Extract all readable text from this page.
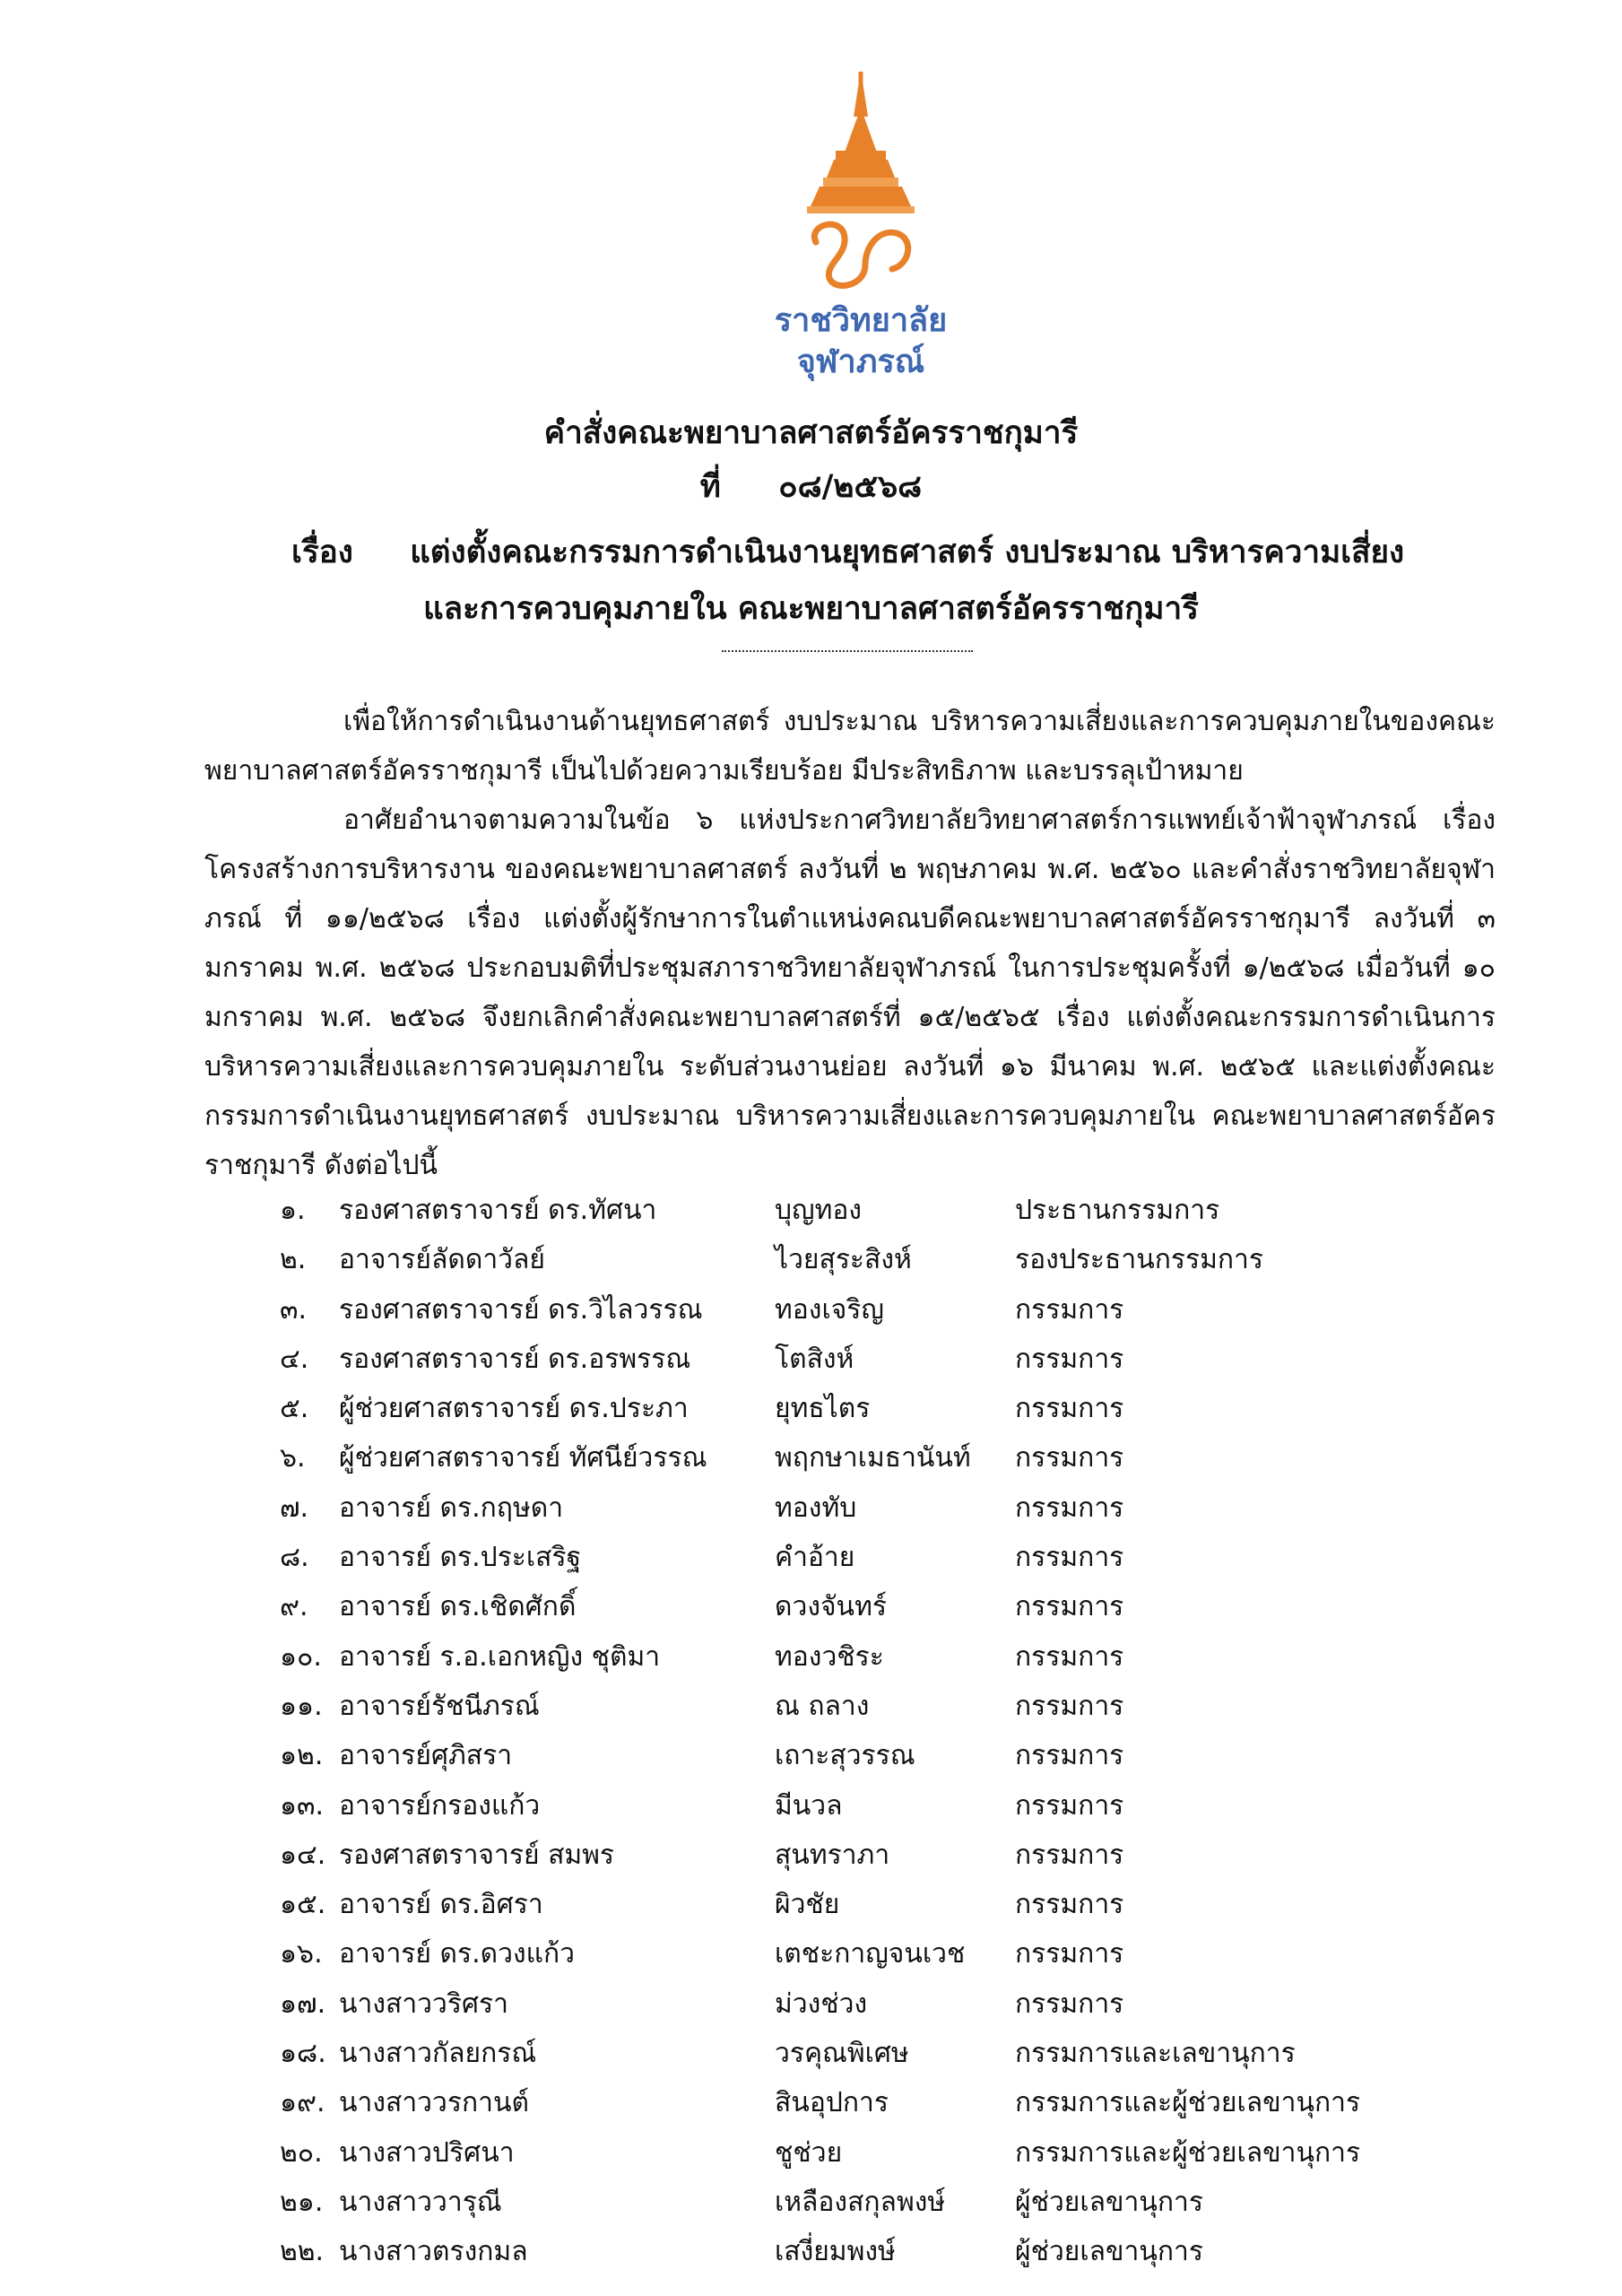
ราชวิทยาลัย
จุฬาภรณ์
คำสั่งคณะพยาบาลศาสตร์อัครราชกุมารี
ที่ ๐๘/๒๕๖๘
เรื่อง แต่งตั้งคณะกรรมการดำเนินงานยุทธศาสตร์ งบประมาณ บริหารความเสี่ยง
และการควบคุมภายใน คณะพยาบาลศาสตร์อัครราชกุมารี
เพื่อให้การดำเนินงานด้านยุทธศาสตร์ งบประมาณ บริหารความเสี่ยงและการควบคุมภายในของคณะพยาบาลศาสตร์อัครราชกุมารี เป็นไปด้วยความเรียบร้อย มีประสิทธิภาพ และบรรลุเป้าหมาย
อาศัยอำนาจตามความในข้อ ๖ แห่งประกาศวิทยาลัยวิทยาศาสตร์การแพทย์เจ้าฟ้าจุฬาภรณ์ เรื่อง โครงสร้างการบริหารงาน ของคณะพยาบาลศาสตร์ ลงวันที่ ๒ พฤษภาคม พ.ศ. ๒๕๖๐ และคำสั่งราชวิทยาลัยจุฬาภรณ์ ที่ ๑๑/๒๕๖๘ เรื่อง แต่งตั้งผู้รักษาการในตำแหน่งคณบดีคณะพยาบาลศาสตร์อัครราชกุมารี ลงวันที่ ๓ มกราคม พ.ศ. ๒๕๖๘ ประกอบมติที่ประชุมสภาราชวิทยาลัยจุฬาภรณ์ ในการประชุมครั้งที่ ๑/๒๕๖๘ เมื่อวันที่ ๑๐ มกราคม พ.ศ. ๒๕๖๘ จึงยกเลิกคำสั่งคณะพยาบาลศาสตร์ที่ ๑๕/๒๕๖๕ เรื่อง แต่งตั้งคณะกรรมการดำเนินการบริหารความเสี่ยงและการควบคุมภายใน ระดับส่วนงานย่อย ลงวันที่ ๑๖ มีนาคม พ.ศ. ๒๕๖๕ และแต่งตั้งคณะกรรมการดำเนินงานยุทธศาสตร์ งบประมาณ บริหารความเสี่ยงและการควบคุมภายใน คณะพยาบาลศาสตร์อัครราชกุมารี ดังต่อไปนี้
๑. รองศาสตราจารย์ ดร.ทัศนา	บุญทอง	ประธานกรรมการ
๒. อาจารย์ลัดดาวัลย์	ไวยสุระสิงห์	รองประธานกรรมการ
๓. รองศาสตราจารย์ ดร.วิไลวรรณ	ทองเจริญ	กรรมการ
๔. รองศาสตราจารย์ ดร.อรพรรณ	โตสิงห์	กรรมการ
๕. ผู้ช่วยศาสตราจารย์ ดร.ประภา	ยุทธไตร	กรรมการ
๖. ผู้ช่วยศาสตราจารย์ ทัศนีย์วรรณ	พฤกษาเมธานันท์ กรรมการ
๗. อาจารย์ ดร.กฤษดา	ทองทับ	กรรมการ
๘. อาจารย์ ดร.ประเสริฐ	คำอ้าย	กรรมการ
๙. อาจารย์ ดร.เชิดศักดิ์	ดวงจันทร์	กรรมการ
๑๐. อาจารย์ ร.อ.เอกหญิง ชุติมา	ทองวชิระ	กรรมการ
๑๑. อาจารย์รัชนีภรณ์	ณ ถลาง	กรรมการ
๑๒. อาจารย์ศุภิสรา	เถาะสุวรรณ	กรรมการ
๑๓. อาจารย์กรองแก้ว	มีนวล	กรรมการ
๑๔. รองศาสตราจารย์ สมพร	สุนทราภา	กรรมการ
๑๕. อาจารย์ ดร.อิศรา	ผิวชัย	กรรมการ
๑๖. อาจารย์ ดร.ดวงแก้ว	เตชะกาญจนเวช กรรมการ
๑๗. นางสาววริศรา	ม่วงช่วง	กรรมการ
๑๘. นางสาวกัลยกรณ์	วรคุณพิเศษ	กรรมการและเลขานุการ
๑๙. นางสาววรกานต์	สินอุปการ	กรรมการและผู้ช่วยเลขานุการ
๒๐. นางสาวปริศนา	ชูช่วย	กรรมการและผู้ช่วยเลขานุการ
๒๑. นางสาววารุณี	เหลืองสกุลพงษ์	ผู้ช่วยเลขานุการ
๒๒. นางสาวตรงกมล	เสงี่ยมพงษ์	ผู้ช่วยเลขานุการ
